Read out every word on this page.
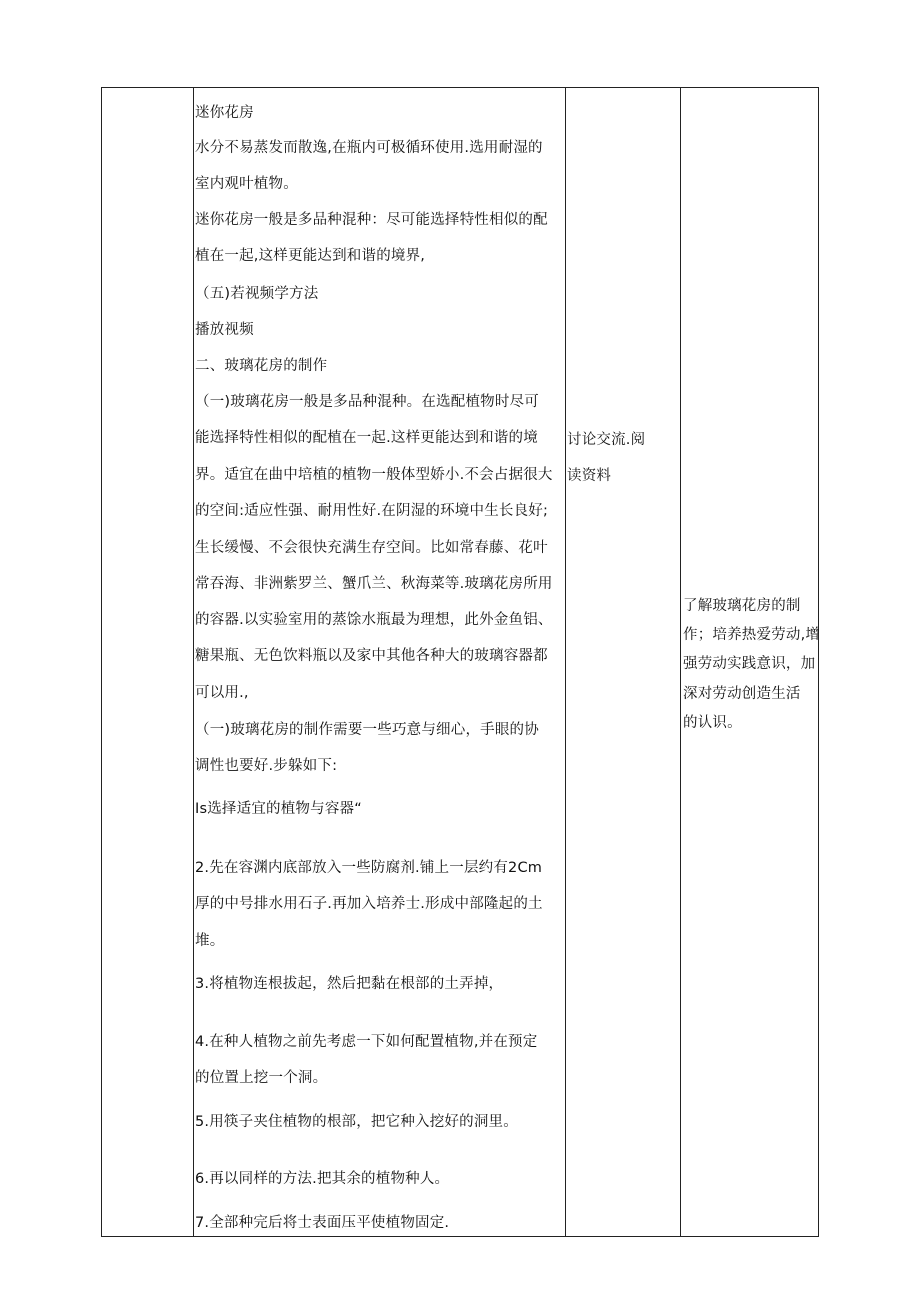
迷你花房
水分不易蒸发而散逸,在瓶内可极循环使用.选用耐湿的
室内观叶植物。
迷你花房一般是多品种混种：尽可能选择特性相似的配
植在一起,这样更能达到和谐的境界,
（五)若视频学方法
播放视频
二、玻璃花房的制作
（一)玻璃花房一般是多品种混种。在选配植物时尽可
能选择特性相似的配植在一起.这样更能达到和谐的境
界。适宜在曲中培植的植物一般体型娇小.不会占据很大
的空间:适应性强、耐用性好.在阴湿的环境中生长良好;
生长缓慢、不会很快充满生存空间。比如常春藤、花叶
常吞海、非洲紫罗兰、蟹爪兰、秋海菜等.玻璃花房所用
的容器.以实验室用的蒸馀水瓶最为理想，此外金鱼铝、
糖果瓶、无色饮料瓶以及家中其他各种大的玻璃容器都
可以用.,
（一)玻璃花房的制作需要一些巧意与细心，手眼的协
调性也要好.步躲如下:
Is选择适宜的植物与容器“
2.先在容渊内底部放入一些防腐剂.铺上一层约有2Cm
厚的中号排水用石子.再加入培养士.形成中部隆起的土
堆。
3.将植物连根拔起，然后把黏在根部的土弄掉，
4.在种人植物之前先考虑一下如何配置植物,并在预定
的位置上挖一个洞。
5.用筷子夹住植物的根部，把它种入挖好的洞里。
6.再以同样的方法.把其余的植物种人。
7.全部种完后将士表面压平使植物固定.
讨论交流.阅
读资料
了解玻璃花房的制
作；培养热爱劳动,增
强劳动实践意识，加
深对劳动创造生活
的认识。
